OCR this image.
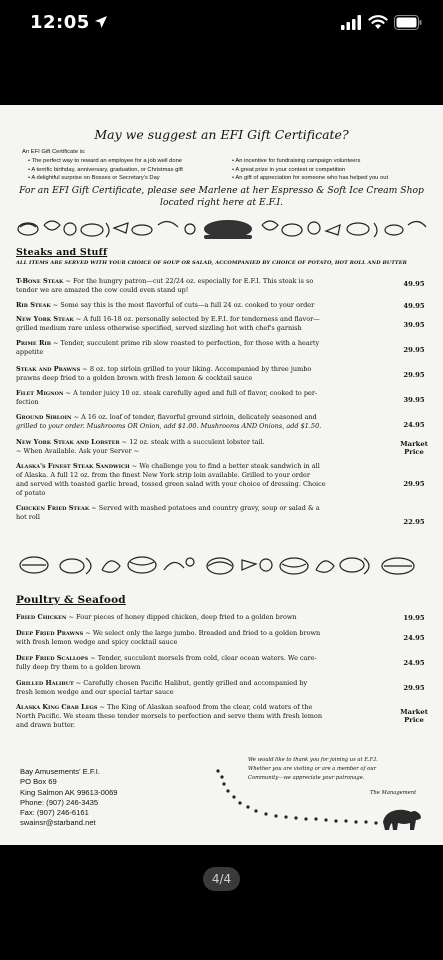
12:05
May we suggest an EFI Gift Certificate?
An EFI Gift Certificate is:
• The perfect way to reward an employee for a job well done
• A terrific birthday, anniversary, graduation, or Christmas gift
• A delightful surprise on Bosses or Secretary's Day
• An incentive for fundraising campaign volunteers
• A great prize in your contest or competition
• An gift of appreciation for someone who has helped you out
For an EFI Gift Certificate, please see Marlene at her Espresso & Soft Ice Cream Shop
located right here at E.F.I.
Steaks and Stuff
ALL ITEMS ARE SERVED WITH YOUR CHOICE OF SOUP OR SALAD, ACCOMPANIED BY CHOICE OF POTATO, HOT ROLL AND BUTTER
T-Bone Steak ~ For the hungry patron—cut 22/24 oz. especially for E.F.I. This steak is so
tender we are amazed the cow could even stand up!
49.95
Rib Steak ~ Some say this is the most flavorful of cuts—a full 24 oz. cooked to your order	49.95
New York Steak ~ A full 16-18 oz. personally selected by E.F.I. for tenderness and flavor—
grilled medium rare unless otherwise specified, served sizzling hot with chef's garnish	39.95
Prime Rib ~ Tender, succulent prime rib slow roasted to perfection, for those with a hearty
appetite	29.95
Steak and Prawns ~ 8 oz. top sirloin grilled to your liking. Accompanied by three jumbo
prawns deep fried to a golden brown with fresh lemon & cocktail sauce	29.95
Filet Mignon ~ A tender juicy 10 oz. steak carefully aged and full of flavor, cooked to per-
fection	39.95
Ground Sirloin ~ A 16 oz. loaf of tender, flavorful ground sirloin, delicately seasoned and
grilled to your order. Mushrooms OR Onion, add $1.00. Mushrooms AND Onions, add $1.50.	24.95
New York Steak and Lobster ~ 12 oz. steak with a succulent lobster tail.
~ When Available. Ask your Server ~
Market
Price
Alaska's Finest Steak Sandwich ~ We challenge you to find a better steak sandwich in all
of Alaska. A full 12 oz. from the finest New York strip loin available. Grilled to your order
and served with toasted garlic bread, tossed green salad with your choice of dressing. Choice
of potato
29.95
Chicken Fried Steak ~ Served with mashed potatoes and country gravy, soup or salad & a
hot roll
22.95
Poultry & Seafood
Fried Chicken ~ Four pieces of honey dipped chicken, deep fried to a golden brown	19.95
Deep Fried Prawns ~ We select only the large jumbo. Breaded and fried to a golden brown
with fresh lemon wedge and spicy cocktail sauce	24.95
Deep Fried Scallops ~ Tender, succulent morsels from cold, clear ocean waters. We care-
fully deep fry them to a golden brown	24.95
Grilled Halibut ~ Carefully chosen Pacific Halibut, gently grilled and accompanied by
fresh lemon wedge and our special tartar sauce	29.95
Alaska King Crab Legs ~ The King of Alaskan seafood from the clear, cold waters of the
North Pacific. We steam these tender morsels to perfection and serve them with fresh lemon
and drawn butter.
Market
Price
Bay Amusements' E.F.I.
PO Box 69
King Salmon AK 99613-0069
Phone: (907) 246-3435
Fax: (907) 246-6161
swainsr@starband.net
We would like to thank you for joining us at E.F.I.
Whether you are visiting or are a member of our
Community—we appreciate your patronage.
The Management
4/4
